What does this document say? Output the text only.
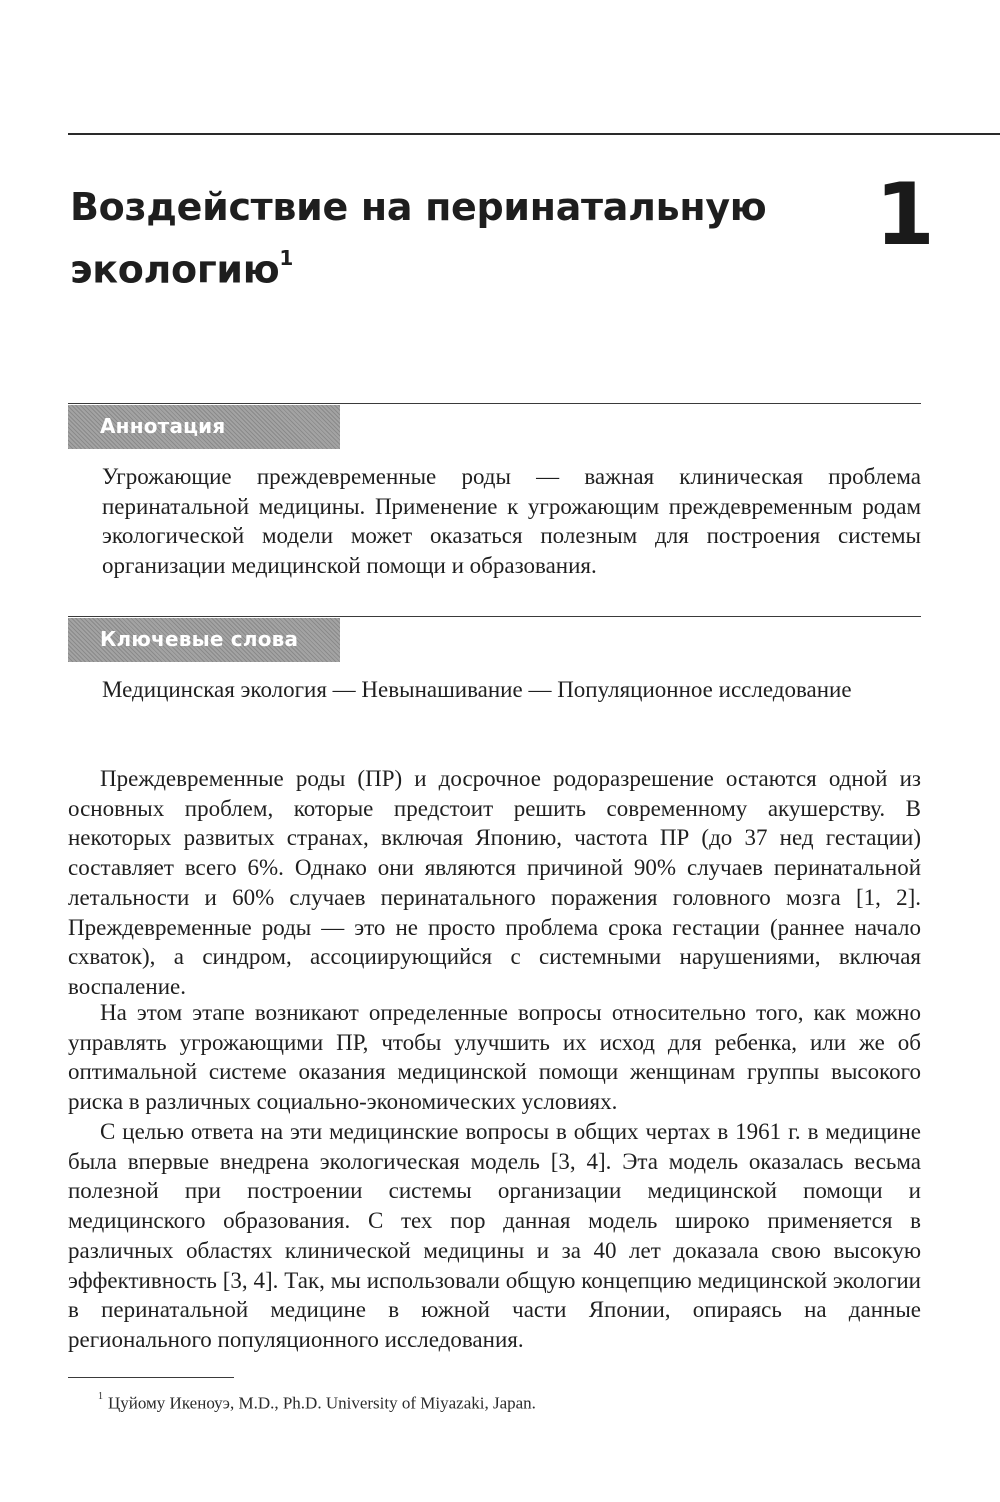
Воздействие на перинатальную
экологию$^1$	1
Аннотация

Угрожающие преждевременные роды — важная клиническая проблема перинатальной медицины. Применение к угрожающим преждевременным родам экологической модели может оказаться полезным для построения системы организации медицинской помощи и образования.

Ключевые слова

Медицинская экология — Невынашивание — Популяционное исследование

Преждевременные роды (ПР) и досрочное родоразрешение остаются одной из основных проблем, которые предстоит решить современному акушерству. В некоторых развитых странах, включая Японию, частота ПР (до 37 нед гестации) составляет всего 6%. Однако они являются причиной 90% случаев перинатальной летальности и 60% случаев перинатального поражения головного мозга [1, 2]. Преждевременные роды — это не просто проблема срока гестации (раннее начало схваток), а синдром, ассоциирующийся с системными нарушениями, включая воспаление.

На этом этапе возникают определенные вопросы относительно того, как можно управлять угрожающими ПР, чтобы улучшить их исход для ребенка, или же об оптимальной системе оказания медицинской помощи женщинам группы высокого риска в различных социально-экономических условиях.

С целью ответа на эти медицинские вопросы в общих чертах в 1961 г. в медицине была впервые внедрена экологическая модель [3, 4]. Эта модель оказалась весьма полезной при построении системы организации медицинской помощи и медицинского образования. С тех пор данная модель широко применяется в различных областях клинической медицины и за 40 лет доказала свою высокую эффективность [3, 4]. Так, мы использовали общую концепцию медицинской экологии в перинатальной медицине в южной части Японии, опираясь на данные регионального популяционного исследования.

$^1$ Цуйому Икеноуэ, M.D., Ph.D. University of Miyazaki, Japan.
